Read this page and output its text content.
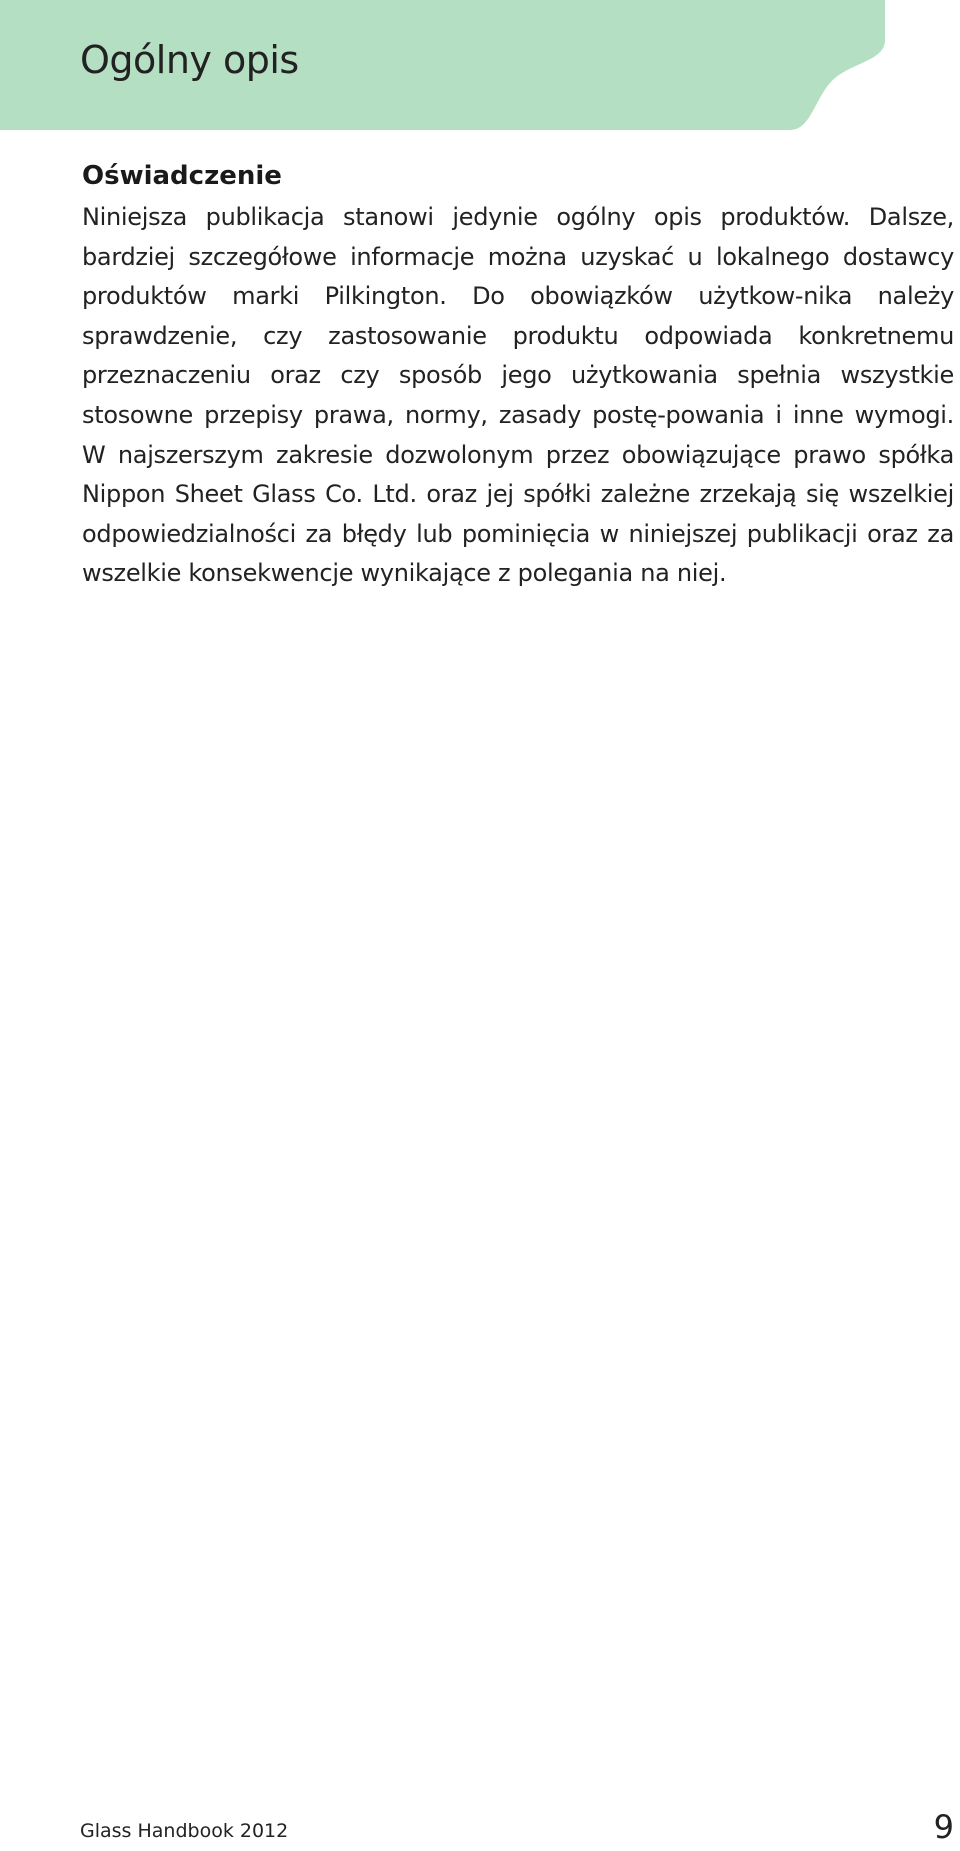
Ogólny opis
Oświadczenie

Niniejsza publikacja stanowi jedynie ogólny opis produktów. Dalsze, bardziej szczegółowe informacje można uzyskać u lokalnego dostawcy produktów marki Pilkington. Do obowiązków użytkow-nika należy sprawdzenie, czy zastosowanie produktu odpowiada konkretnemu przeznaczeniu oraz czy sposób jego użytkowania spełnia wszystkie stosowne przepisy prawa, normy, zasady postę-powania i inne wymogi. W najszerszym zakresie dozwolonym przez obowiązujące prawo spółka Nippon Sheet Glass Co. Ltd. oraz jej spółki zależne zrzekają się wszelkiej odpowiedzialności za błędy lub pominięcia w niniejszej publikacji oraz za wszelkie konsekwencje wynikające z polegania na niej.

Glass Handbook 2012	9
